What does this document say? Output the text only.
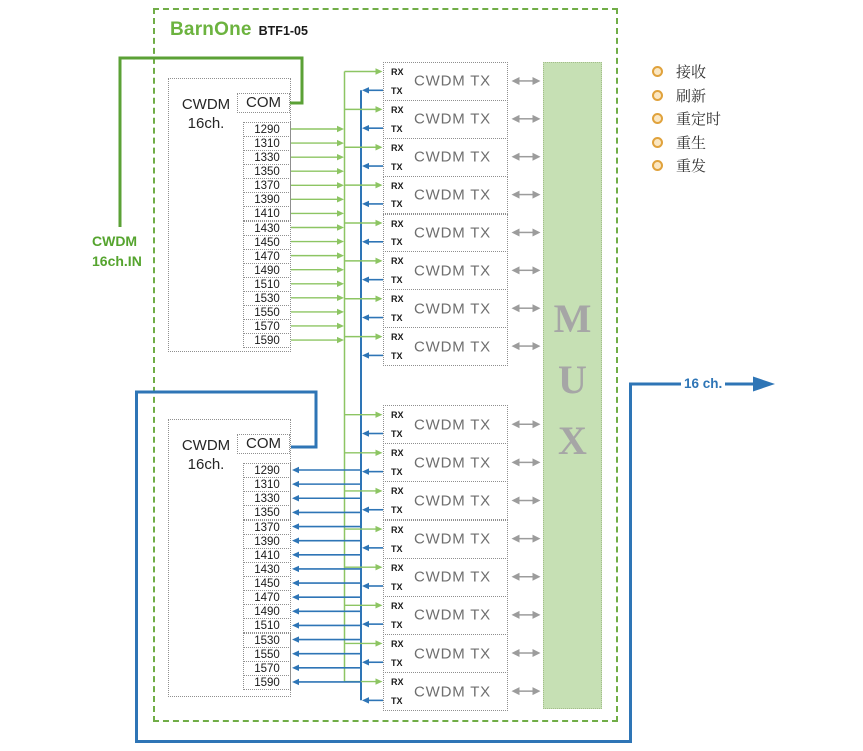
BarnOne BTF1-05
CWDM
16ch.
COM
1290
1310
1330
1350
1370
1390
1410
1430
1450
1470
1490
1510
1530
1550
1570
1590
CWDM
16ch.
COM
1290
1310
1330
1350
1370
1390
1410
1430
1450
1470
1490
1510
1530
1550
1570
1590
RX
TX
CWDM TX
RX
TX
CWDM TX
RX
TX
CWDM TX
RX
TX
CWDM TX
RX
TX
CWDM TX
RX
TX
CWDM TX
RX
TX
CWDM TX
RX
TX
CWDM TX
RX
TX
CWDM TX
RX
TX
CWDM TX
RX
TX
CWDM TX
RX
TX
CWDM TX
RX
TX
CWDM TX
RX
TX
CWDM TX
RX
TX
CWDM TX
RX
TX
CWDM TX
M
U
X
接收
刷新
重定时
重生
重发
CWDM
16ch.IN
16 ch.
